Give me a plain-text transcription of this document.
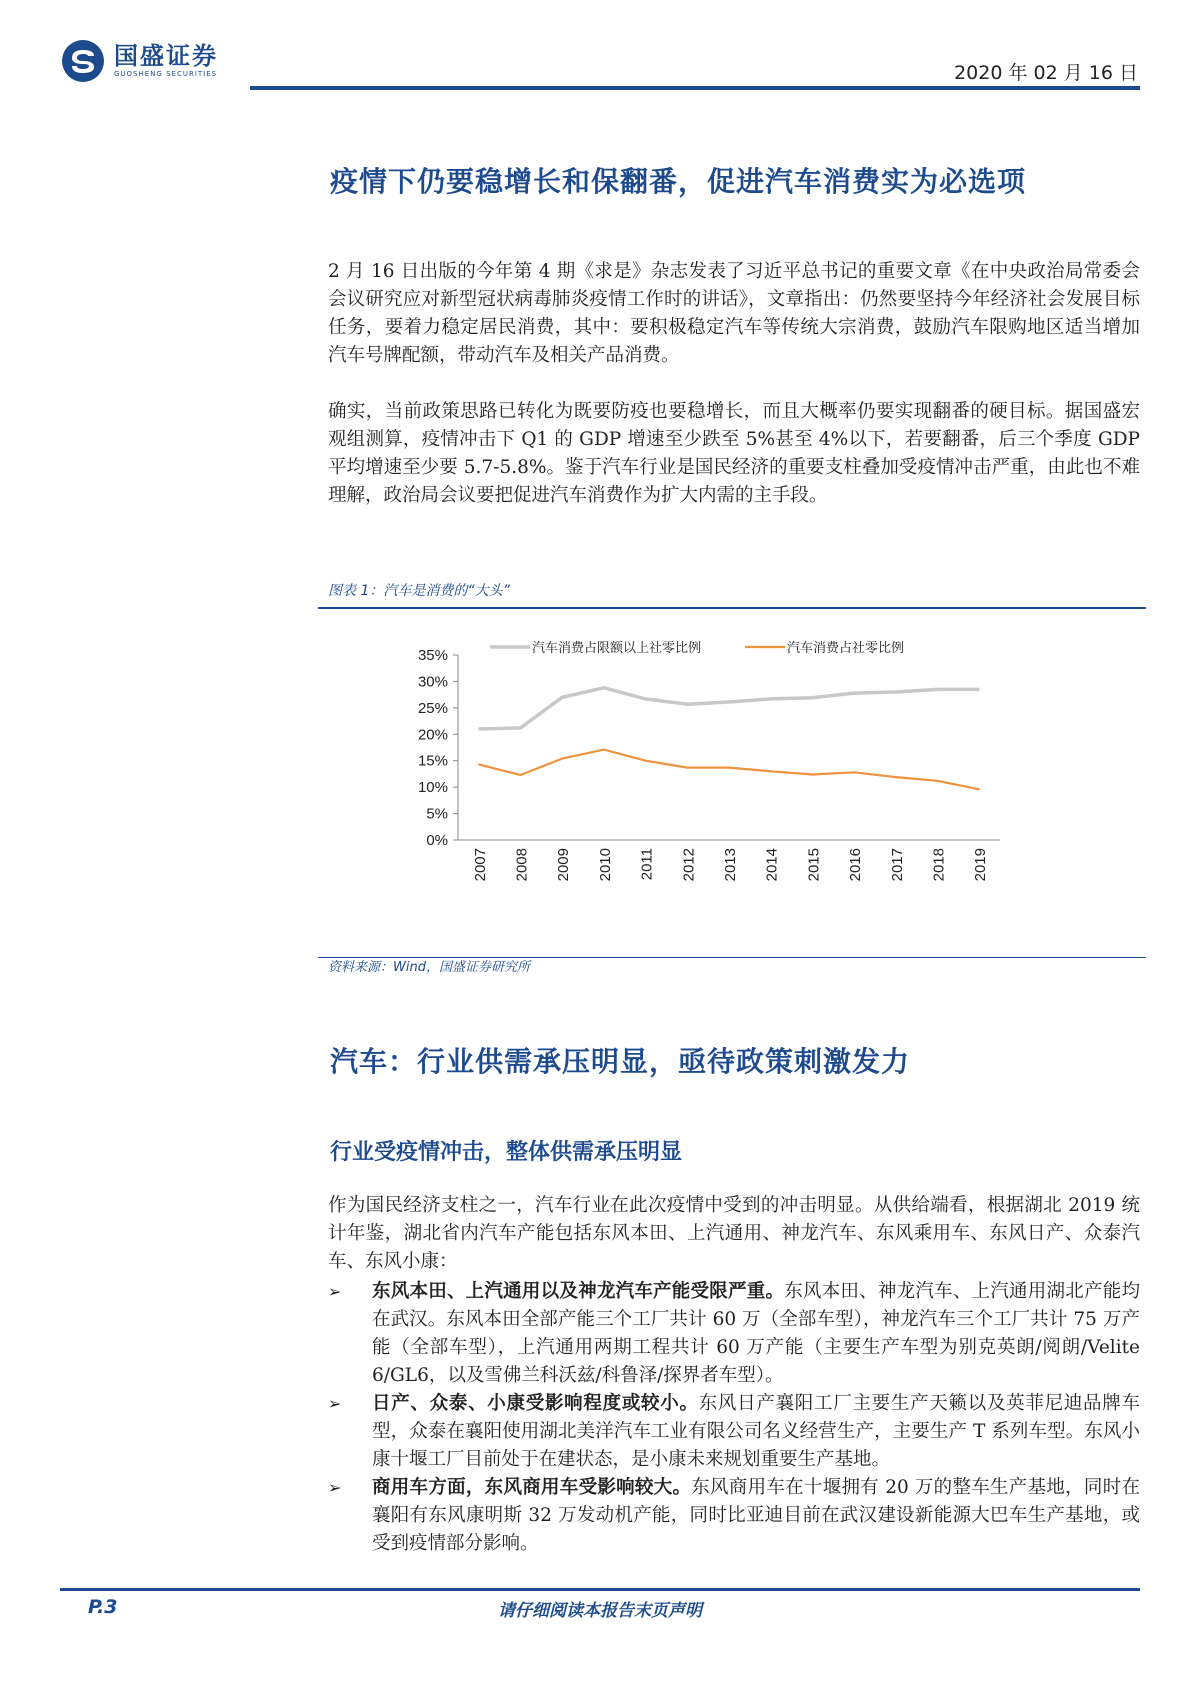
国盛证券
GUOSHENG SECURITIES	2020 年 02 月 16 日
疫情下仍要稳增长和保翻番，促进汽车消费实为必选项

2 月 16 日出版的今年第 4 期《求是》杂志发表了习近平总书记的重要文章《在中央政治局常委会会议研究应对新型冠状病毒肺炎疫情工作时的讲话》，文章指出：仍然要坚持今年经济社会发展目标任务，要着力稳定居民消费，其中：要积极稳定汽车等传统大宗消费，鼓励汽车限购地区适当增加汽车号牌配额，带动汽车及相关产品消费。

确实，当前政策思路已转化为既要防疫也要稳增长，而且大概率仍要实现翻番的硬目标。据国盛宏观组测算，疫情冲击下 Q1 的 GDP 增速至少跌至 5%甚至 4%以下，若要翻番，后三个季度 GDP 平均增速至少要 5.7-5.8%。鉴于汽车行业是国民经济的重要支柱叠加受疫情冲击严重，由此也不难理解，政治局会议要把促进汽车消费作为扩大内需的主手段。

图表 1：汽车是消费的“大头”
0%
5%
10%
15%
20%
25%
30%
35%
2007 2008 2009 2010 2011 2012 2013 2014 2015 2016 2017 2018 2019
汽车消费占限额以上社零比例	汽车消费占社零比例
资料来源：Wind，国盛证券研究所
汽车：行业供需承压明显，亟待政策刺激发力
行业受疫情冲击，整体供需承压明显

作为国民经济支柱之一，汽车行业在此次疫情中受到的冲击明显。从供给端看，根据湖北 2019 统计年鉴，湖北省内汽车产能包括东风本田、上汽通用、神龙汽车、东风乘用车、东风日产、众泰汽车、东风小康：

➢	东风本田、上汽通用以及神龙汽车产能受限严重。东风本田、神龙汽车、上汽通用湖北产能均在武汉。东风本田全部产能三个工厂共计 60 万（全部车型），神龙汽车三个工厂共计 75 万产能（全部车型），上汽通用两期工程共计 60 万产能（主要生产车型为别克英朗/阅朗/Velite 6/GL6，以及雪佛兰科沃兹/科鲁泽/探界者车型）。
➢	日产、众泰、小康受影响程度或较小。东风日产襄阳工厂主要生产天籁以及英菲尼迪品牌车型，众泰在襄阳使用湖北美洋汽车工业有限公司名义经营生产，主要生产 T 系列车型。东风小康十堰工厂目前处于在建状态，是小康未来规划重要生产基地。
➢	商用车方面，东风商用车受影响较大。东风商用车在十堰拥有 20 万的整车生产基地，同时在襄阳有东风康明斯 32 万发动机产能，同时比亚迪目前在武汉建设新能源大巴车生产基地，或受到疫情部分影响。
P.3	请仔细阅读本报告末页声明
